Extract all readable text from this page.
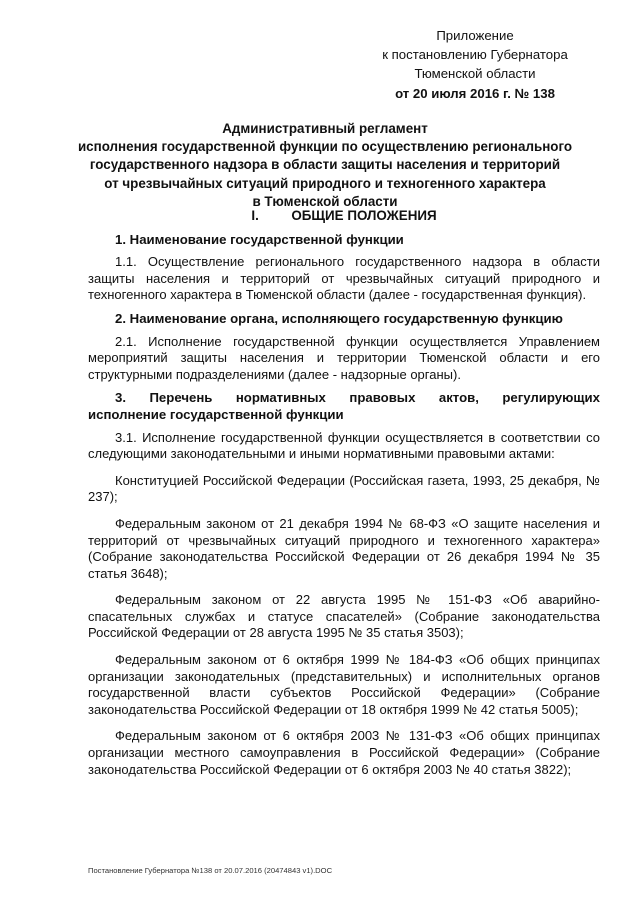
Приложение
к постановлению Губернатора
Тюменской области
от 20 июля 2016 г. № 138
Административный регламент
исполнения государственной функции по осуществлению регионального
государственного надзора в области защиты населения и территорий
от чрезвычайных ситуаций природного и техногенного характера
в Тюменской области
I. ОБЩИЕ ПОЛОЖЕНИЯ
1. Наименование государственной функции

1.1. Осуществление регионального государственного надзора в области защиты населения и территорий от чрезвычайных ситуаций природного и техногенного характера в Тюменской области (далее - государственная функция).

2. Наименование органа, исполняющего государственную функцию

2.1. Исполнение государственной функции осуществляется Управлением мероприятий защиты населения и территории Тюменской области и его структурными подразделениями (далее - надзорные органы).

3. Перечень нормативных правовых актов, регулирующих
исполнение государственной функции

3.1. Исполнение государственной функции осуществляется в соответствии со следующими законодательными и иными нормативными правовыми актами:

Конституцией Российской Федерации (Российская газета, 1993, 25 декабря, № 237);

Федеральным законом от 21 декабря 1994 № 68-ФЗ «О защите населения и территорий от чрезвычайных ситуаций природного и техногенного характера» (Собрание законодательства Российской Федерации от 26 декабря 1994 № 35 статья 3648);

Федеральным законом от 22 августа 1995 № 151-ФЗ «Об аварийно-спасательных службах и статусе спасателей» (Собрание законодательства Российской Федерации от 28 августа 1995 № 35 статья 3503);

Федеральным законом от 6 октября 1999 № 184-ФЗ «Об общих принципах организации законодательных (представительных) и исполнительных органов государственной власти субъектов Российской Федерации» (Собрание законодательства Российской Федерации от 18 октября 1999 № 42 статья 5005);

Федеральным законом от 6 октября 2003 № 131-ФЗ «Об общих принципах организации местного самоуправления в Российской Федерации» (Собрание законодательства Российской Федерации от 6 октября 2003 № 40 статья 3822);

Постановление Губернатора №138 от 20.07.2016 (20474843 v1).DOC
